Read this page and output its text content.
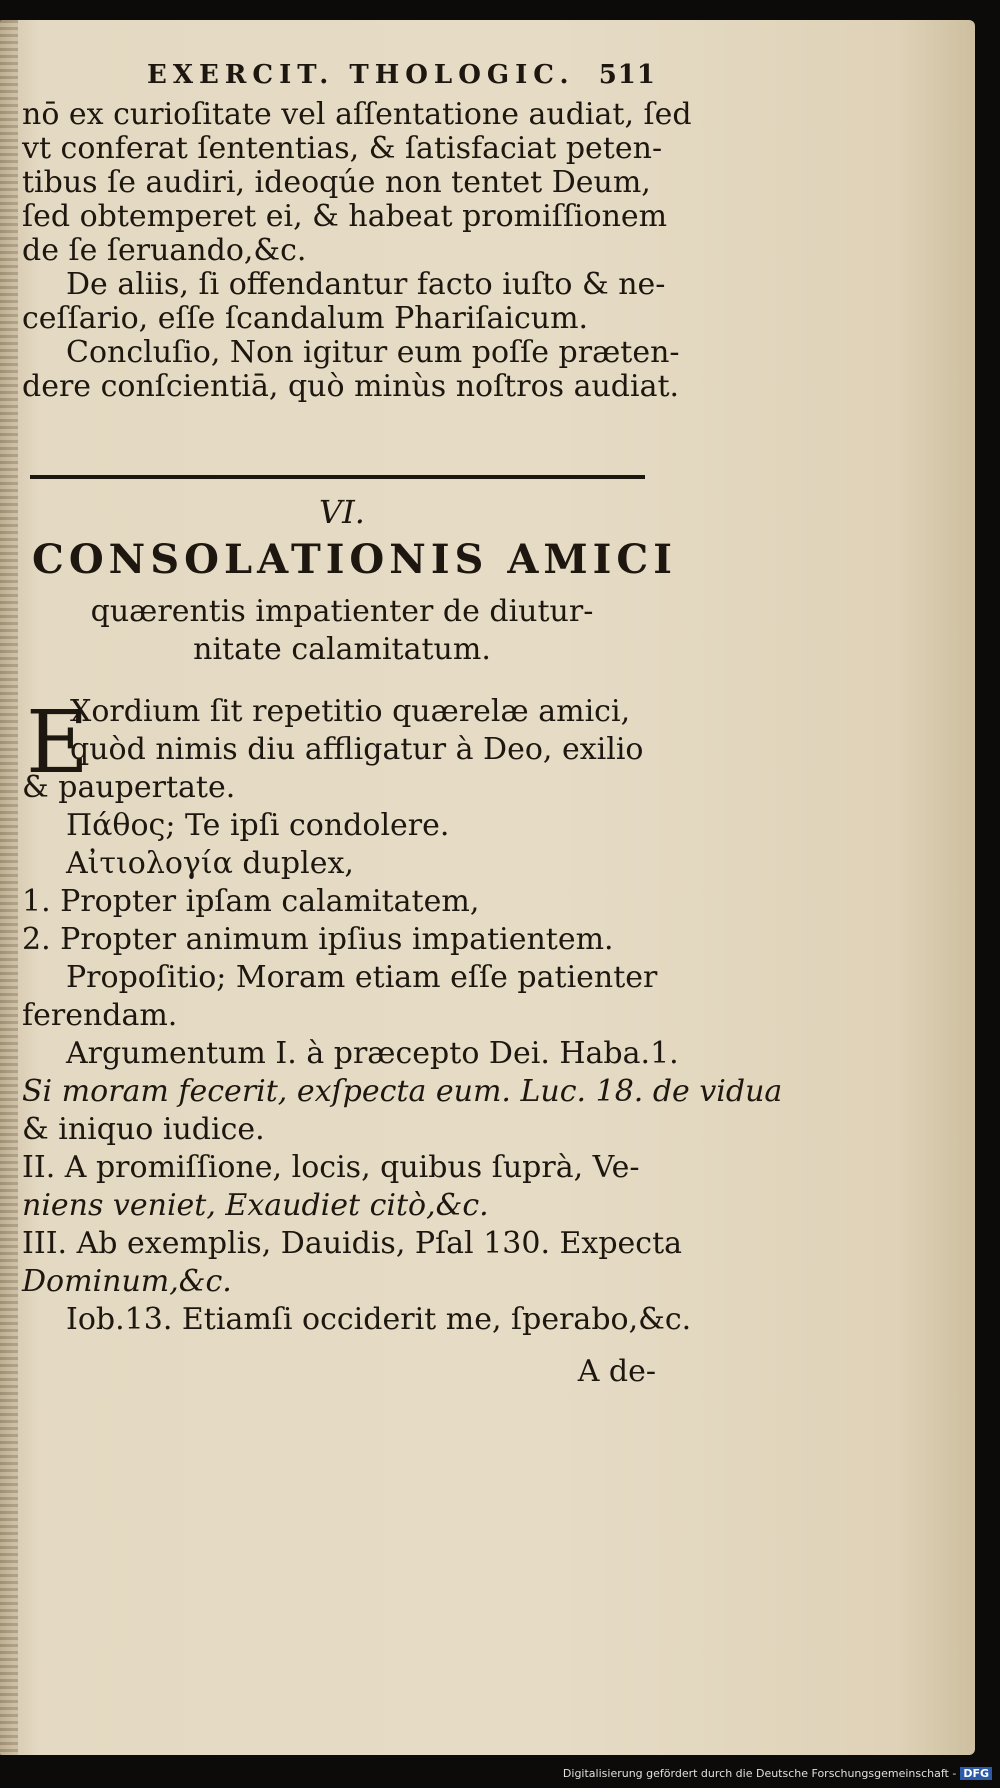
EXERCIT. THOLOGIC. 511
nō ex curioſitate vel aſſentatione audiat, ſed
vt conferat ſententias, & ſatisfaciat peten-
tibus ſe audiri, ideoqúe non tentet Deum,
ſed obtemperet ei, & habeat promiſſionem
de ſe ſeruando,&c.
De aliis, ſi offendantur facto iuſto & ne-
ceſſario, eſſe ſcandalum Phariſaicum.
Concluſio, Non igitur eum poſſe præten-
dere conſcientiā, quò minùs noſtros audiat.
VI.
CONSOLATIONIS AMICI
quærentis impatienter de diutur-
nitate calamitatum.
E
Xordium ſit repetitio quærelæ amici,
quòd nimis diu affligatur à Deo, exilio
& paupertate.
Πάθος; Te ipſi condolere.
Αἰτιολογία duplex,
1. Propter ipſam calamitatem,
2. Propter animum ipſius impatientem.
Propoſitio; Moram etiam eſſe patienter
ferendam.
Argumentum I. à præcepto Dei. Haba.1.
Si moram fecerit, exſpecta eum. Luc. 18. de vidua
& iniquo iudice.
II. A promiſſione, locis, quibus ſuprà, Ve-
niens veniet, Exaudiet citò,&c.
III. Ab exemplis, Dauidis, Pſal 130. Expecta
Dominum,&c.
Iob.13. Etiamſi occiderit me, ſperabo,&c.
A de-
Digitalisierung gefördert durch die Deutsche Forschungsgemeinschaft - DFG
